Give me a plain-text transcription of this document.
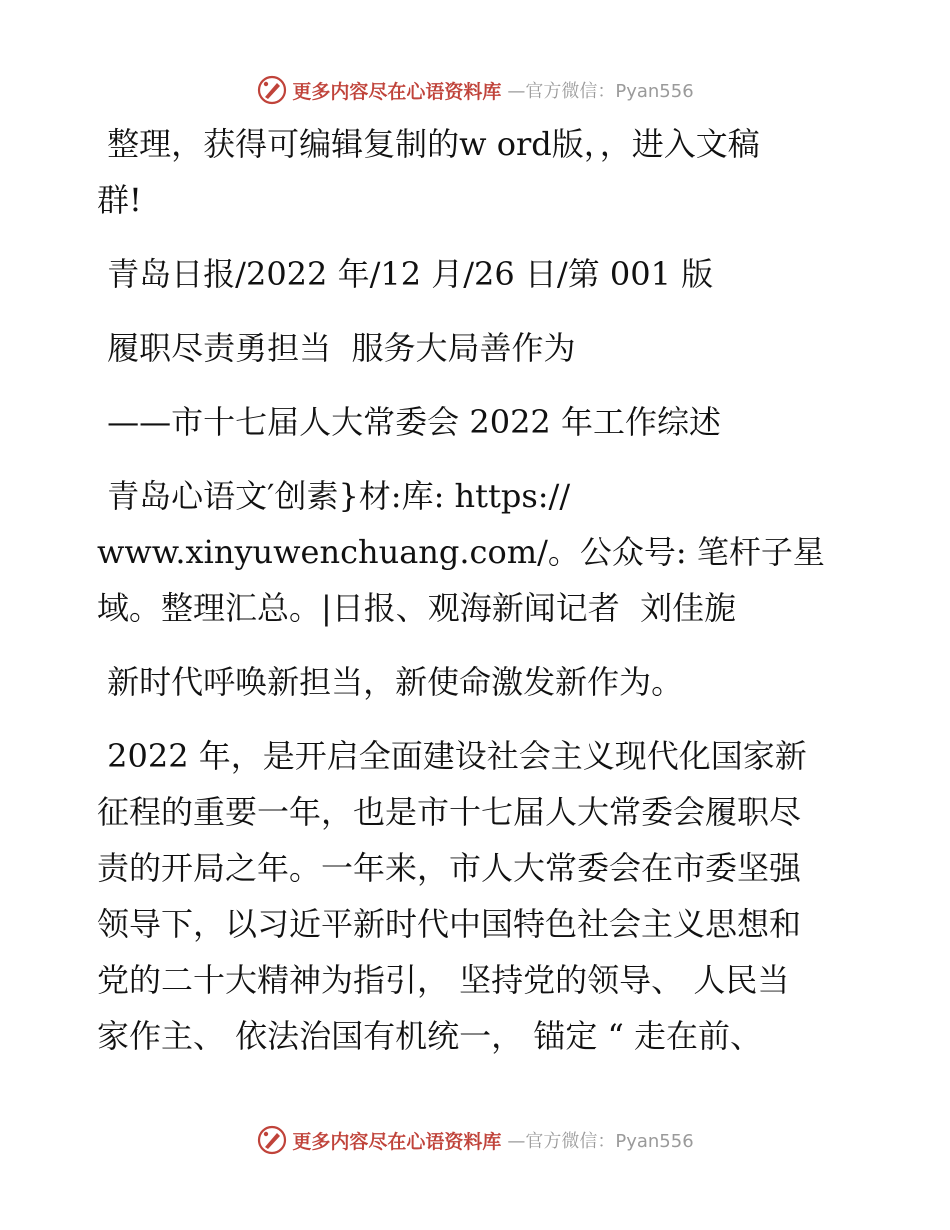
更多内容尽在心语资料库 —官方微信：Pyan556
整理，获得可编辑复制的w ord版，，进入文稿
群!
青岛日报/2022 年/12 月/26 日/第 001 版
履职尽责勇担当  服务大局善作为
——市十七届人大常委会 2022 年工作综述
青岛心语文′创素}材:库: https://
www.xinyuwenchuang.com/。公众号: 笔杆子星
域。整理汇总。|日报、观海新闻记者  刘佳旎
新时代呼唤新担当，新使命激发新作为。
2022 年，是开启全面建设社会主义现代化国家新
征程的重要一年，也是市十七届人大常委会履职尽
责的开局之年。一年来，市人大常委会在市委坚强
领导下，以习近平新时代中国特色社会主义思想和
党的二十大精神为指引， 坚持党的领导、 人民当
家作主、 依法治国有机统一， 锚定 “ 走在前、
更多内容尽在心语资料库 —官方微信：Pyan556
